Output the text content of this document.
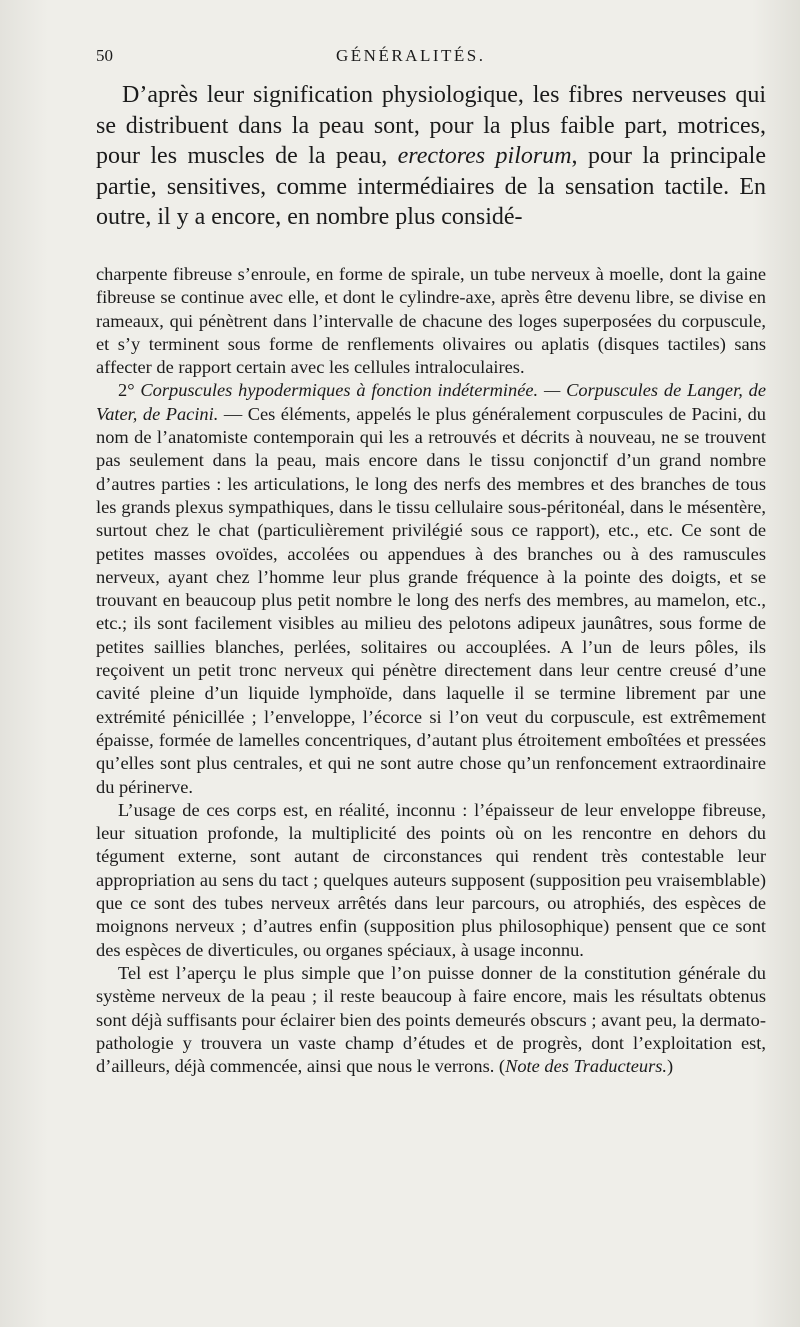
50	GÉNÉRALITÉS.

D’après leur signification physiologique, les fibres nerveuses qui se distribuent dans la peau sont, pour la plus faible part, motrices, pour les muscles de la peau, erectores pilorum, pour la principale partie, sensitives, comme intermédiaires de la sensation tactile. En outre, il y a encore, en nombre plus considé-

charpente fibreuse s’enroule, en forme de spirale, un tube nerveux à moelle, dont la gaine fibreuse se continue avec elle, et dont le cylindre-axe, après être devenu libre, se divise en rameaux, qui pénètrent dans l’intervalle de chacune des loges superposées du corpuscule, et s’y terminent sous forme de renflements olivaires ou aplatis (disques tactiles) sans affecter de rapport certain avec les cellules intraloculaires.

2° Corpuscules hypodermiques à fonction indéterminée. — Corpuscules de Langer, de Vater, de Pacini. — Ces éléments, appelés le plus généralement corpuscules de Pacini, du nom de l’anatomiste contemporain qui les a retrouvés et décrits à nouveau, ne se trouvent pas seulement dans la peau, mais encore dans le tissu conjonctif d’un grand nombre d’autres parties : les articulations, le long des nerfs des membres et des branches de tous les grands plexus sympathiques, dans le tissu cellulaire sous-péritonéal, dans le mésentère, surtout chez le chat (particulièrement privilégié sous ce rapport), etc., etc. Ce sont de petites masses ovoïdes, accolées ou appendues à des branches ou à des ramuscules nerveux, ayant chez l’homme leur plus grande fréquence à la pointe des doigts, et se trouvant en beaucoup plus petit nombre le long des nerfs des membres, au mamelon, etc., etc.; ils sont facilement visibles au milieu des pelotons adipeux jaunâtres, sous forme de petites saillies blanches, perlées, solitaires ou accouplées. A l’un de leurs pôles, ils reçoivent un petit tronc nerveux qui pénètre directement dans leur centre creusé d’une cavité pleine d’un liquide lymphoïde, dans laquelle il se termine librement par une extrémité pénicillée ; l’enveloppe, l’écorce si l’on veut du corpuscule, est extrêmement épaisse, formée de lamelles concentriques, d’autant plus étroitement emboîtées et pressées qu’elles sont plus centrales, et qui ne sont autre chose qu’un renfoncement extraordinaire du périnerve.

L’usage de ces corps est, en réalité, inconnu : l’épaisseur de leur enveloppe fibreuse, leur situation profonde, la multiplicité des points où on les rencontre en dehors du tégument externe, sont autant de circonstances qui rendent très contestable leur appropriation au sens du tact ; quelques auteurs supposent (supposition peu vraisemblable) que ce sont des tubes nerveux arrêtés dans leur parcours, ou atrophiés, des espèces de moignons nerveux ; d’autres enfin (supposition plus philosophique) pensent que ce sont des espèces de diverticules, ou organes spéciaux, à usage inconnu.

Tel est l’aperçu le plus simple que l’on puisse donner de la constitution générale du système nerveux de la peau ; il reste beaucoup à faire encore, mais les résultats obtenus sont déjà suffisants pour éclairer bien des points demeurés obscurs ; avant peu, la dermato-pathologie y trouvera un vaste champ d’études et de progrès, dont l’exploitation est, d’ailleurs, déjà commencée, ainsi que nous le verrons. (Note des Traducteurs.)
